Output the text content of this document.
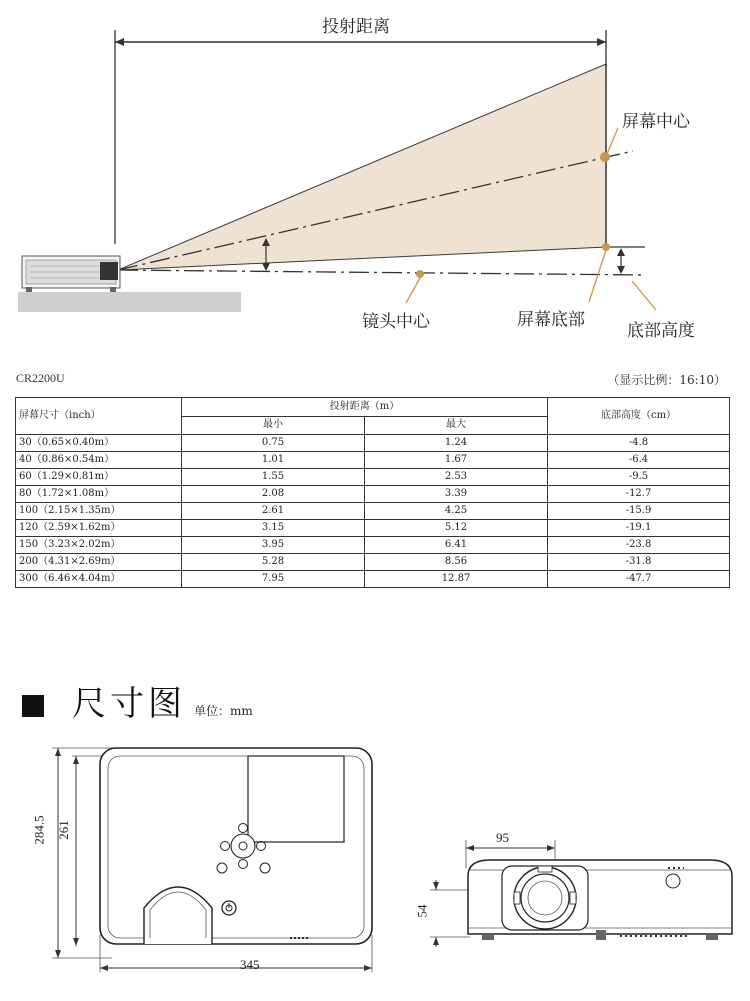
投射距离
屏幕中心
镜头中心	屏幕底部
底部高度
CR2200U	（显示比例：16:10）
屏幕尺寸（inch）	投射距离（m）		底部高度（cm）
	最小	最大	
30（0.65×0.40m）	0.75	1.24	-4.8
40（0.86×0.54m）	1.01	1.67	-6.4
60（1.29×0.81m）	1.55	2.53	-9.5
80（1.72×1.08m）	2.08	3.39	-12.7
100（2.15×1.35m）	2.61	4.25	-15.9
120（2.59×1.62m）	3.15	5.12	-19.1
150（3.23×2.02m）	3.95	6.41	-23.8
200（4.31×2.69m）	5.28	8.56	-31.8
300（6.46×4.04m）	7.95	12.87	-47.7
尺寸图 单位：mm
284.5 261
345
95
54
